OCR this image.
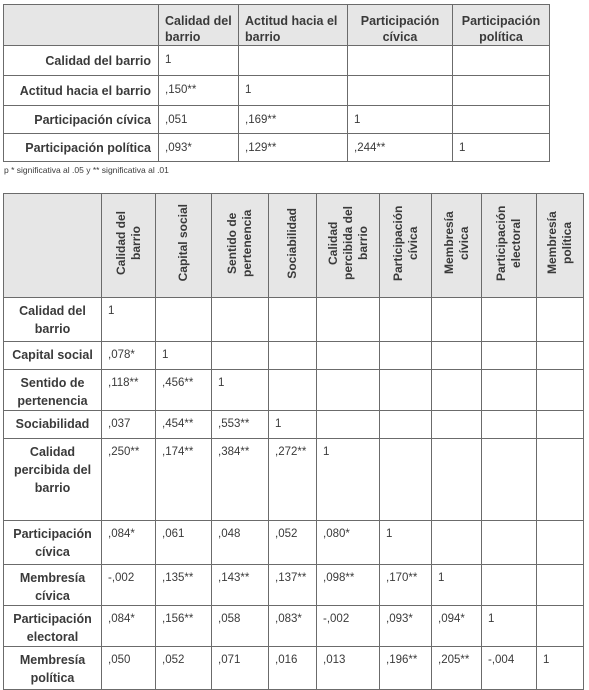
	Calidad del barrio	Actitud hacia el barrio	Participación cívica	Participación política
Calidad del barrio	1			
Actitud hacia el barrio	,150**	1		
Participación cívica	,051	,169**	1	
Participación política	,093*	,129**	,244**	1
p * significativa al .05 y ** significativa al .01
	Calidad del barrio	Capital social	Sentido de pertenencia	Sociabilidad	Calidad percibida del barrio	Participación cívica	Membresía cívica	Participación electoral	Membresía política
Calidad del barrio	1								
Capital social	,078*	1							
Sentido de pertenencia	,118**	,456**	1						
Sociabilidad	,037	,454**	,553**	1					
Calidad percibida del barrio	,250**	,174**	,384**	,272**	1				
Participación cívica	,084*	,061	,048	,052	,080*	1			
Membresía cívica	-,002	,135**	,143**	,137**	,098**	,170**	1		
Participación electoral	,084*	,156**	,058	,083*	-,002	,093*	,094*	1	
Membresía política	,050	,052	,071	,016	,013	,196**	,205**	-,004	1
